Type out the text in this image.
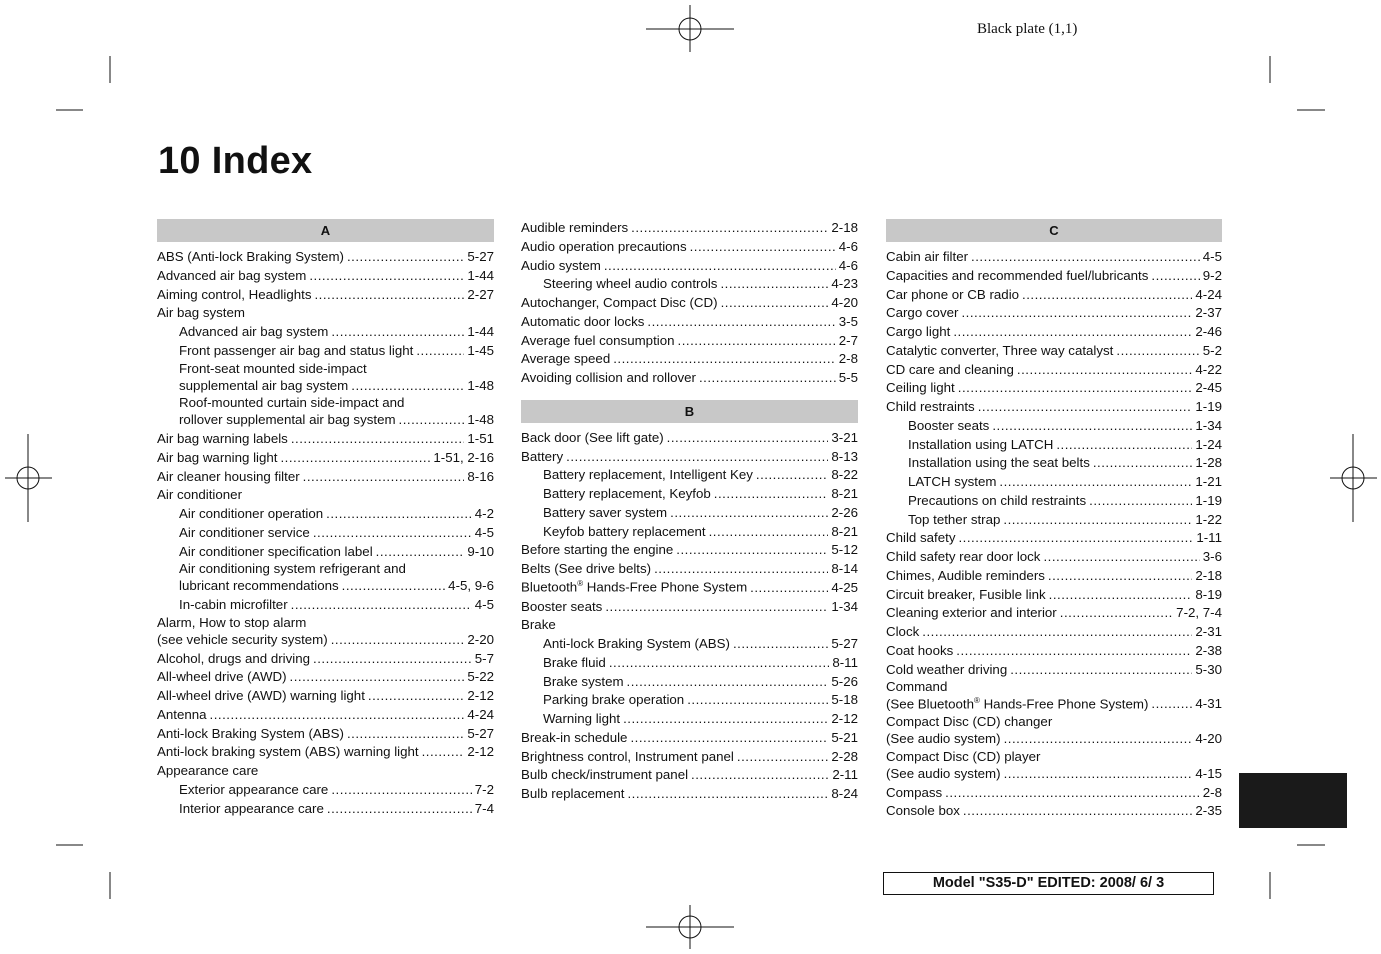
Black plate (1,1)
10 Index
A
ABS (Anti-lock Braking System) . . .	5-27
Advanced air bag system . . .	1-44
Aiming control, Headlights . . .	2-27
Air bag system
Advanced air bag system . . .	1-44
Front passenger air bag and status light . . .	1-45
Front-seat mounted side-impact
supplemental air bag system . . .	1-48
Roof-mounted curtain side-impact and
rollover supplemental air bag system . . .	1-48
Air bag warning labels . . .	1-51
Air bag warning light . . .	1-51, 2-16
Air cleaner housing filter . . .	8-16
Air conditioner
Air conditioner operation . . .	4-2
Air conditioner service . . .	4-5
Air conditioner specification label . . .	9-10
Air conditioning system refrigerant and
lubricant recommendations . . .	4-5, 9-6
In-cabin microfilter . . .	4-5
Alarm, How to stop alarm
(see vehicle security system) . . .	2-20
Alcohol, drugs and driving . . .	5-7
All-wheel drive (AWD) . . .	5-22
All-wheel drive (AWD) warning light . . .	2-12
Antenna . . .	4-24
Anti-lock Braking System (ABS) . . .	5-27
Anti-lock braking system (ABS) warning light . . .	2-12
Appearance care
Exterior appearance care . . .	7-2
Interior appearance care . . .	7-4
Audible reminders . . .	2-18
Audio operation precautions . . .	4-6
Audio system . . .	4-6
Steering wheel audio controls . . .	4-23
Autochanger, Compact Disc (CD) . . .	4-20
Automatic door locks . . .	3-5
Average fuel consumption . . .	2-7
Average speed . . .	2-8
Avoiding collision and rollover . . .	5-5
B
Back door (See lift gate) . . .	3-21
Battery . . .	8-13
Battery replacement, Intelligent Key . . .	8-22
Battery replacement, Keyfob . . .	8-21
Battery saver system . . .	2-26
Keyfob battery replacement . . .	8-21
Before starting the engine . . .	5-12
Belts (See drive belts) . . .	8-14
Bluetooth® Hands-Free Phone System . . .	4-25
Booster seats . . .	1-34
Brake
Anti-lock Braking System (ABS) . . .	5-27
Brake fluid . . .	8-11
Brake system . . .	5-26
Parking brake operation . . .	5-18
Warning light . . .	2-12
Break-in schedule . . .	5-21
Brightness control, Instrument panel . . .	2-28
Bulb check/instrument panel . . .	2-11
Bulb replacement . . .	8-24
C
Cabin air filter . . .	4-5
Capacities and recommended fuel/lubricants . . .	9-2
Car phone or CB radio . . .	4-24
Cargo cover . . .	2-37
Cargo light . . .	2-46
Catalytic converter, Three way catalyst . . .	5-2
CD care and cleaning . . .	4-22
Ceiling light . . .	2-45
Child restraints . . .	1-19
Booster seats . . .	1-34
Installation using LATCH . . .	1-24
Installation using the seat belts . . .	1-28
LATCH system . . .	1-21
Precautions on child restraints . . .	1-19
Top tether strap . . .	1-22
Child safety . . .	1-11
Child safety rear door lock . . .	3-6
Chimes, Audible reminders . . .	2-18
Circuit breaker, Fusible link . . .	8-19
Cleaning exterior and interior . . .	7-2, 7-4
Clock . . .	2-31
Coat hooks . . .	2-38
Cold weather driving . . .	5-30
Command
(See Bluetooth® Hands-Free Phone System) . . .	4-31
Compact Disc (CD) changer
(See audio system) . . .	4-20
Compact Disc (CD) player
(See audio system) . . .	4-15
Compass . . .	2-8
Console box . . .	2-35
Model "S35-D" EDITED: 2008/ 6/ 3
